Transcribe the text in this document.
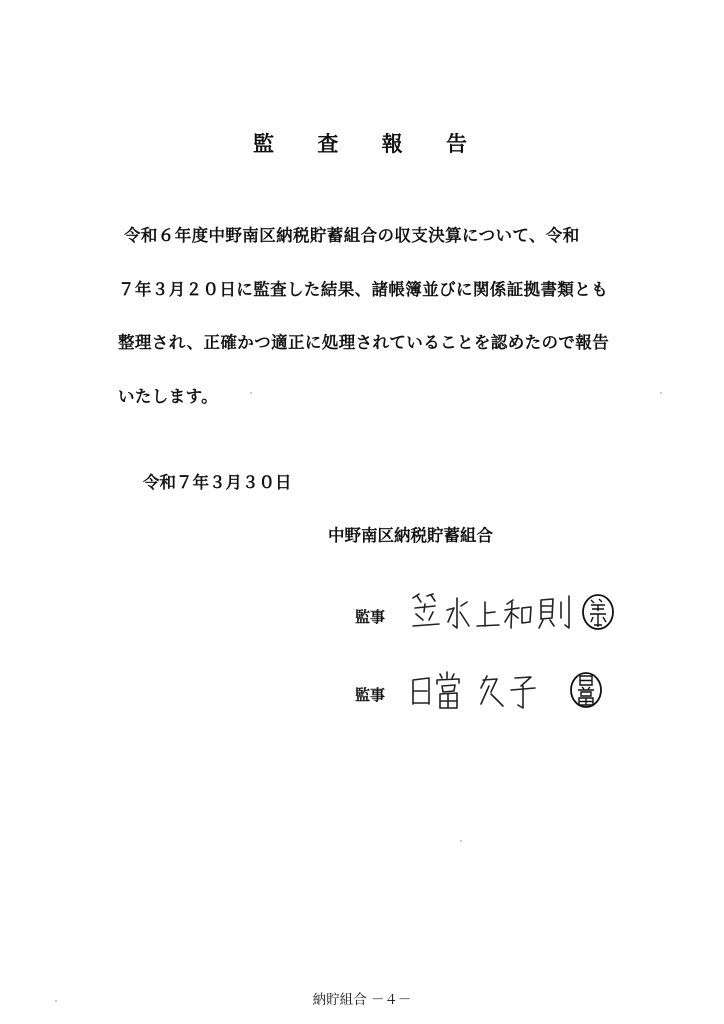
監 査 報 告
令和６年度中野南区納税貯蓄組合の収支決算について、令和
７年３月２０日に監査した結果、諸帳簿並びに関係証拠書類とも
整理され、正確かつ適正に処理されていることを認めたので報告
いたします。
令和７年３月３０日
中野南区納税貯蓄組合
監事
監事
納貯組合 －４－
